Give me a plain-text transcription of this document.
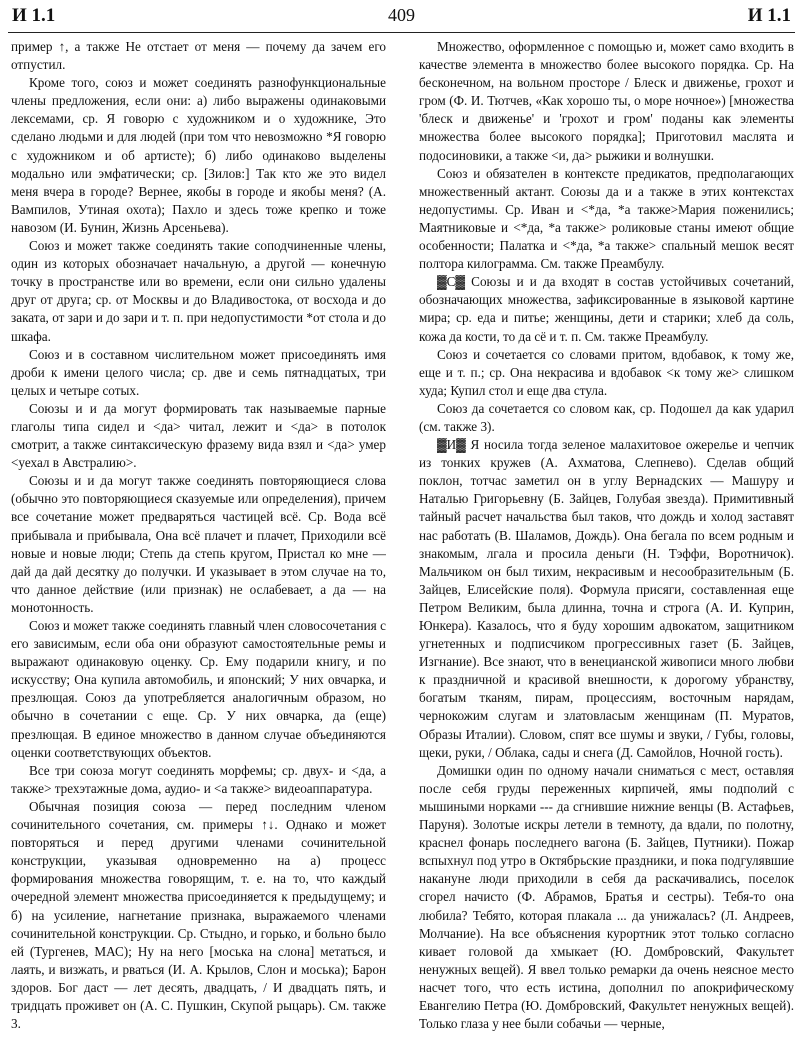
И 1.1	409	И 1.1

пример ↑, а также Не отстает от меня — почему да зачем его отпустил.

Кроме того, союз и может соединять разнофункциональные члены предложения, если они: а) либо выражены одинаковыми лексемами, ср. Я говорю с художником и о художнике, Это сделано людьми и для людей (при том что невозможно *Я говорю с художником и об артисте); б) либо одинаково выделены модально или эмфатически; ср. [Зилов:] Так кто же это видел меня вчера в городе? Вернее, якобы в городе и якобы меня? (А. Вампилов, Утиная охота); Пахло и здесь тоже крепко и тоже навозом (И. Бунин, Жизнь Арсеньева).

Союз и может также соединять такие соподчиненные члены, один из которых обозначает начальную, а другой — конечную точку в пространстве или во времени, если они сильно удалены друг от друга; ср. от Москвы и до Владивостока, от восхода и до заката, от зари и до зари и т. п. при недопустимости *от стола и до шкафа.

Союз и в составном числительном может присоединять имя дроби к имени целого числа; ср. две и семь пятнадцатых, три целых и четыре сотых.

Союзы и и да могут формировать так называемые парные глаголы типа сидел и <да> читал, лежит и <да> в потолок смотрит, а также синтаксическую фразему вида взял и <да> умер <уехал в Австралию>.

Союзы и и да могут также соединять повторяющиеся слова (обычно это повторяющиеся сказуемые или определения), причем все сочетание может предваряться частицей всё. Ср. Вода всё прибывала и прибывала, Она всё плачет и плачет, Приходили всё новые и новые люди; Степь да степь кругом, Пристал ко мне — дай да дай десятку до получки. И указывает в этом случае на то, что данное действие (или признак) не ослабевает, а да — на монотонность.

Союз и может также соединять главный член словосочетания с его зависимым, если оба они образуют самостоятельные ремы и выражают одинаковую оценку. Ср. Ему подарили книгу, и по искусству; Она купила автомобиль, и японский; У них овчарка, и презлющая. Союз да употребляется аналогичным образом, но обычно в сочетании с еще. Ср. У них овчарка, да (еще) презлющая. В единое множество в данном случае объединяются оценки соответствующих объектов.

Все три союза могут соединять морфемы; ср. двух- и <да, а также> трехэтажные дома, аудио- и <а также> видеоаппаратура.

Обычная позиция союза — перед последним членом сочинительного сочетания, см. примеры ↑↓. Однако и может повторяться и перед другими членами сочинительной конструкции, указывая одновременно на а) процесс формирования множества говорящим, т. е. на то, что каждый очередной элемент множества присоединяется к предыдущему; и б) на усиление, нагнетание признака, выражаемого членами сочинительной конструкции. Ср. Стыдно, и горько, и больно было ей (Тургенев, МАС); Ну на него [моська на слона] метаться, и лаять, и визжать, и рваться (И. А. Крылов, Слон и моська); Барон здоров. Бог даст — лет десять, двадцать, / И двадцать пять, и тридцать проживет он (А. С. Пушкин, Скупой рыцарь). См. также 3.

Множество, оформленное с помощью и, может само входить в качестве элемента в множество более высокого порядка. Ср. На бесконечном, на вольном просторе / Блеск и движенье, грохот и гром (Ф. И. Тютчев, «Как хорошо ты, о море ночное») [множества 'блеск и движенье' и 'грохот и гром' поданы как элементы множества более высокого порядка]; Приготовил маслята и подосиновики, а также <и, да> рыжики и волнушки.

Союз и обязателен в контексте предикатов, предполагающих множественный актант. Союзы да и а также в этих контекстах недопустимы. Ср. Иван и <*да, *а также>Мария поженились; Маятниковые и <*да, *а также> роликовые станы имеют общие особенности; Палатка и <*да, *а также> спальный мешок весят полтора килограмма. См. также Преамбулу.

▓С▓ Союзы и и да входят в состав устойчивых сочетаний, обозначающих множества, зафиксированные в языковой картине мира; ср. еда и питье; женщины, дети и старики; хлеб да соль, кожа да кости, то да сё и т. п. См. также Преамбулу.

Союз и сочетается со словами притом, вдобавок, к тому же, еще и т. п.; ср. Она некрасива и вдобавок <к тому же> слишком худа; Купил стол и еще два стула.

Союз да сочетается со словом как, ср. Подошел да как ударил (см. также 3).

▓И▓ Я носила тогда зеленое малахитовое ожерелье и чепчик из тонких кружев (А. Ахматова, Слепнево). Сделав общий поклон, тотчас заметил он в углу Вернадских — Машуру и Наталью Григорьевну (Б. Зайцев, Голубая звезда). Примитивный тайный расчет начальства был таков, что дождь и холод заставят нас работать (В. Шаламов, Дождь). Она бегала по всем родным и знакомым, лгала и просила деньги (Н. Тэффи, Воротничок). Мальчиком он был тихим, некрасивым и несообразительным (Б. Зайцев, Елисейские поля). Формула присяги, составленная еще Петром Великим, была длинна, точна и строга (А. И. Куприн, Юнкера). Казалось, что я буду хорошим адвокатом, защитником угнетенных и подписчиком прогрессивных газет (Б. Зайцев, Изгнание). Все знают, что в венецианской живописи много любви к праздничной и красивой внешности, к дорогому убранству, богатым тканям, пирам, процессиям, восточным нарядам, чернокожим слугам и златовласым женщинам (П. Муратов, Образы Италии). Словом, спят все шумы и звуки, / Губы, головы, щеки, руки, / Облака, сады и снега (Д. Самойлов, Ночной гость).

Домишки один по одному начали сниматься с мест, оставляя после себя груды переженных кирпичей, ямы подполий с мышиными норками --- да сгнившие нижние венцы (В. Астафьев, Паруня). Золотые искры летели в темноту, да вдали, по полотну, краснел фонарь последнего вагона (Б. Зайцев, Путники). Пожар вспыхнул под утро в Октябрьские праздники, и пока подгулявшие накануне люди приходили в себя да раскачивались, поселок сгорел начисто (Ф. Абрамов, Братья и сестры). Тебя-то она любила? Тебято, которая плакала ... да унижалась? (Л. Андреев, Молчание). На все объяснения курортник этот только согласно кивает головой да хмыкает (Ю. Домбровский, Факультет ненужных вещей). Я ввел только ремарки да очень неясное место насчет того, что есть истина, дополнил по апокрифическому Евангелию Петра (Ю. Домбровский, Факультет ненужных вещей). Только глаза у нее были собачьи — черные,
